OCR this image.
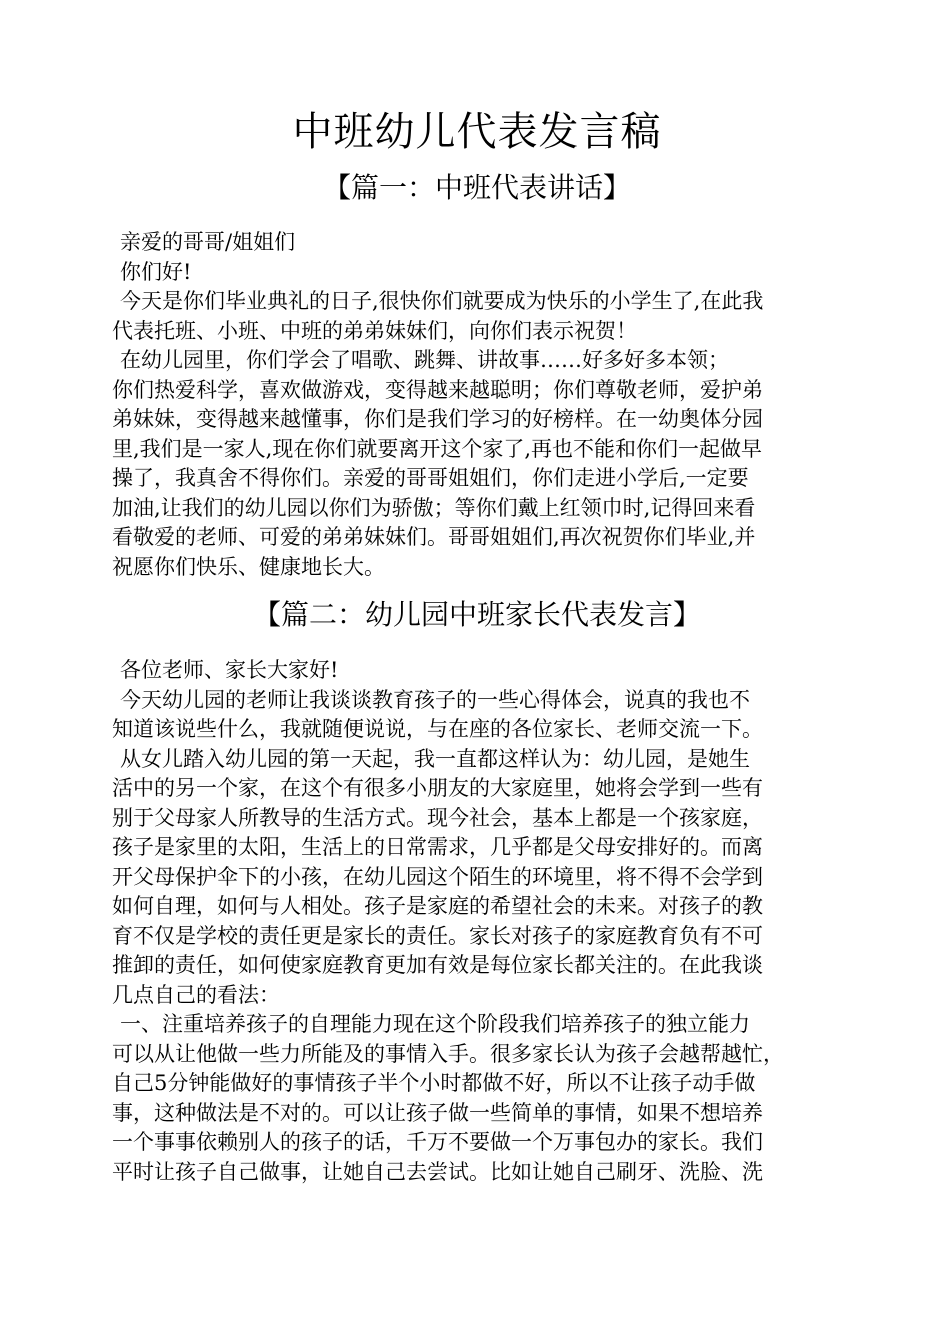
中班幼儿代表发言稿
【篇一：中班代表讲话】
亲爱的哥哥/姐姐们
你们好!
今天是你们毕业典礼的日子,很快你们就要成为快乐的小学生了,在此我
代表托班、小班、中班的弟弟妹妹们，向你们表示祝贺！
在幼儿园里，你们学会了唱歌、跳舞、讲故事……好多好多本领；
你们热爱科学，喜欢做游戏，变得越来越聪明；你们尊敬老师，爱护弟
弟妹妹，变得越来越懂事，你们是我们学习的好榜样。在一幼奥体分园
里,我们是一家人,现在你们就要离开这个家了,再也不能和你们一起做早
操了，我真舍不得你们。亲爱的哥哥姐姐们，你们走进小学后,一定要
加油,让我们的幼儿园以你们为骄傲；等你们戴上红领巾时,记得回来看
看敬爱的老师、可爱的弟弟妹妹们。哥哥姐姐们,再次祝贺你们毕业,并
祝愿你们快乐、健康地长大。
【篇二：幼儿园中班家长代表发言】
各位老师、家长大家好!
今天幼儿园的老师让我谈谈教育孩子的一些心得体会，说真的我也不
知道该说些什么，我就随便说说，与在座的各位家长、老师交流一下。
从女儿踏入幼儿园的第一天起，我一直都这样认为：幼儿园，是她生
活中的另一个家，在这个有很多小朋友的大家庭里，她将会学到一些有
别于父母家人所教导的生活方式。现今社会，基本上都是一个孩家庭，
孩子是家里的太阳，生活上的日常需求，几乎都是父母安排好的。而离
开父母保护伞下的小孩，在幼儿园这个陌生的环境里，将不得不会学到
如何自理，如何与人相处。孩子是家庭的希望社会的未来。对孩子的教
育不仅是学校的责任更是家长的责任。家长对孩子的家庭教育负有不可
推卸的责任，如何使家庭教育更加有效是每位家长都关注的。在此我谈
几点自己的看法：
一、注重培养孩子的自理能力现在这个阶段我们培养孩子的独立能力
可以从让他做一些力所能及的事情入手。很多家长认为孩子会越帮越忙，
自己5分钟能做好的事情孩子半个小时都做不好，所以不让孩子动手做
事，这种做法是不对的。可以让孩子做一些简单的事情，如果不想培养
一个事事依赖别人的孩子的话，千万不要做一个万事包办的家长。我们
平时让孩子自己做事，让她自己去尝试。比如让她自己刷牙、洗脸、洗
